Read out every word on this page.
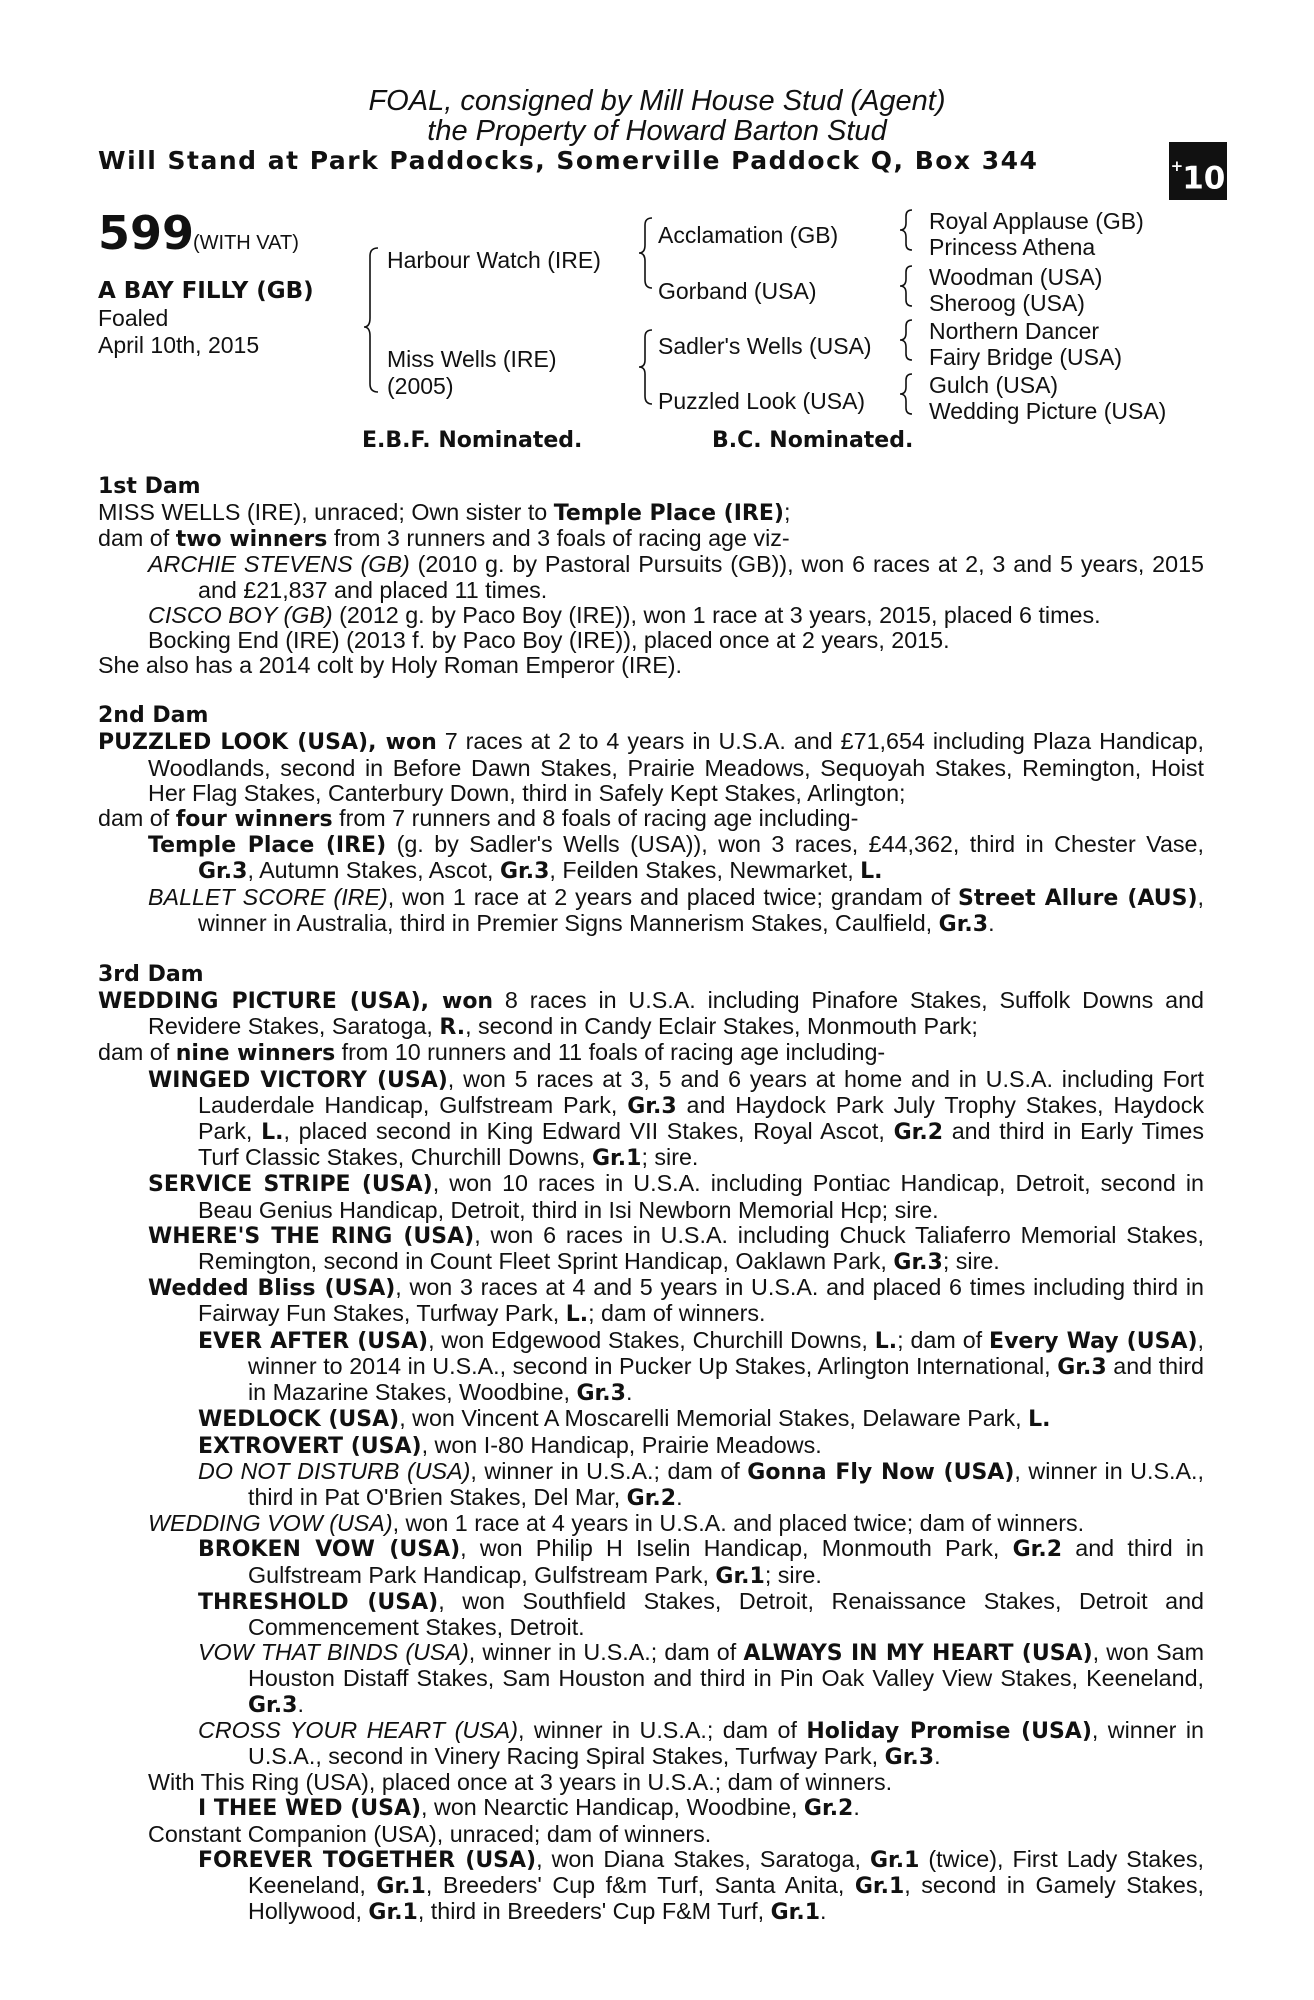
FOAL, consigned by Mill House Stud (Agent)
the Property of Howard Barton Stud
Will Stand at Park Paddocks, Somerville Paddock Q, Box 344	+10
599
(WITH VAT)
A BAY FILLY (GB)
Foaled
April 10th, 2015
Harbour Watch (IRE)
Miss Wells (IRE)
(2005)
Acclamation (GB)
Gorband (USA)
Sadler's Wells (USA)
Puzzled Look (USA)
Royal Applause (GB)
Princess Athena
Woodman (USA)
Sheroog (USA)
Northern Dancer
Fairy Bridge (USA)
Gulch (USA)
Wedding Picture (USA)
E.B.F. Nominated.	B.C. Nominated.

1st Dam

MISS WELLS (IRE), unraced; Own sister to Temple Place (IRE);

dam of two winners from 3 runners and 3 foals of racing age viz-

ARCHIE STEVENS (GB) (2010 g. by Pastoral Pursuits (GB)), won 6 races at 2, 3 and 5 years, 2015 and £21,837 and placed 11 times.

CISCO BOY (GB) (2012 g. by Paco Boy (IRE)), won 1 race at 3 years, 2015, placed 6 times.

Bocking End (IRE) (2013 f. by Paco Boy (IRE)), placed once at 2 years, 2015.

She also has a 2014 colt by Holy Roman Emperor (IRE).

2nd Dam

PUZZLED LOOK (USA), won 7 races at 2 to 4 years in U.S.A. and £71,654 including Plaza Handicap, Woodlands, second in Before Dawn Stakes, Prairie Meadows, Sequoyah Stakes, Remington, Hoist Her Flag Stakes, Canterbury Down, third in Safely Kept Stakes, Arlington;

dam of four winners from 7 runners and 8 foals of racing age including-

Temple Place (IRE) (g. by Sadler's Wells (USA)), won 3 races, £44,362, third in Chester Vase, Gr.3, Autumn Stakes, Ascot, Gr.3, Feilden Stakes, Newmarket, L.

BALLET SCORE (IRE), won 1 race at 2 years and placed twice; grandam of Street Allure (AUS), winner in Australia, third in Premier Signs Mannerism Stakes, Caulfield, Gr.3.

3rd Dam

WEDDING PICTURE (USA), won 8 races in U.S.A. including Pinafore Stakes, Suffolk Downs and Revidere Stakes, Saratoga, R., second in Candy Eclair Stakes, Monmouth Park;

dam of nine winners from 10 runners and 11 foals of racing age including-

WINGED VICTORY (USA), won 5 races at 3, 5 and 6 years at home and in U.S.A. including Fort Lauderdale Handicap, Gulfstream Park, Gr.3 and Haydock Park July Trophy Stakes, Haydock Park, L., placed second in King Edward VII Stakes, Royal Ascot, Gr.2 and third in Early Times Turf Classic Stakes, Churchill Downs, Gr.1; sire.

SERVICE STRIPE (USA), won 10 races in U.S.A. including Pontiac Handicap, Detroit, second in Beau Genius Handicap, Detroit, third in Isi Newborn Memorial Hcp; sire.

WHERE'S THE RING (USA), won 6 races in U.S.A. including Chuck Taliaferro Memorial Stakes, Remington, second in Count Fleet Sprint Handicap, Oaklawn Park, Gr.3; sire.

Wedded Bliss (USA), won 3 races at 4 and 5 years in U.S.A. and placed 6 times including third in Fairway Fun Stakes, Turfway Park, L.; dam of winners.

EVER AFTER (USA), won Edgewood Stakes, Churchill Downs, L.; dam of Every Way (USA), winner to 2014 in U.S.A., second in Pucker Up Stakes, Arlington International, Gr.3 and third in Mazarine Stakes, Woodbine, Gr.3.

WEDLOCK (USA), won Vincent A Moscarelli Memorial Stakes, Delaware Park, L.

EXTROVERT (USA), won I-80 Handicap, Prairie Meadows.

DO NOT DISTURB (USA), winner in U.S.A.; dam of Gonna Fly Now (USA), winner in U.S.A., third in Pat O'Brien Stakes, Del Mar, Gr.2.

WEDDING VOW (USA), won 1 race at 4 years in U.S.A. and placed twice; dam of winners.

BROKEN VOW (USA), won Philip H Iselin Handicap, Monmouth Park, Gr.2 and third in Gulfstream Park Handicap, Gulfstream Park, Gr.1; sire.

THRESHOLD (USA), won Southfield Stakes, Detroit, Renaissance Stakes, Detroit and Commencement Stakes, Detroit.

VOW THAT BINDS (USA), winner in U.S.A.; dam of ALWAYS IN MY HEART (USA), won Sam Houston Distaff Stakes, Sam Houston and third in Pin Oak Valley View Stakes, Keeneland, Gr.3.

CROSS YOUR HEART (USA), winner in U.S.A.; dam of Holiday Promise (USA), winner in U.S.A., second in Vinery Racing Spiral Stakes, Turfway Park, Gr.3.

With This Ring (USA), placed once at 3 years in U.S.A.; dam of winners.

I THEE WED (USA), won Nearctic Handicap, Woodbine, Gr.2.

Constant Companion (USA), unraced; dam of winners.

FOREVER TOGETHER (USA), won Diana Stakes, Saratoga, Gr.1 (twice), First Lady Stakes, Keeneland, Gr.1, Breeders' Cup f&m Turf, Santa Anita, Gr.1, second in Gamely Stakes, Hollywood, Gr.1, third in Breeders' Cup F&M Turf, Gr.1.
